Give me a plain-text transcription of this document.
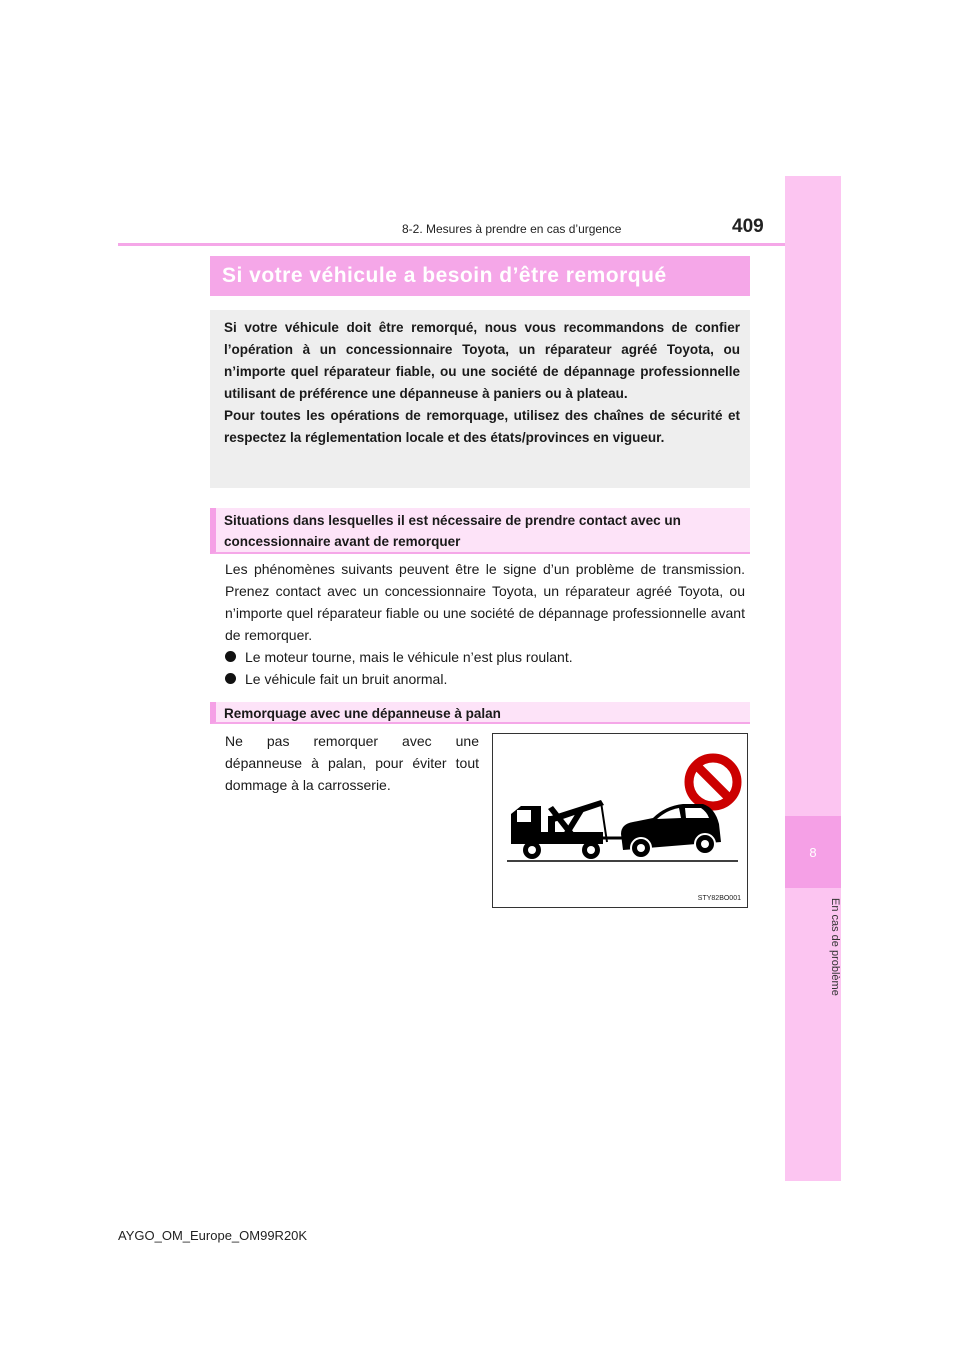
8
En cas de problème
8-2. Mesures à prendre en cas d’urgence	409
Si votre véhicule a besoin d’être remorqué

Si votre véhicule doit être remorqué, nous vous recommandons de confier l’opération à un concessionnaire Toyota, un réparateur agréé Toyota, ou n’importe quel réparateur fiable, ou une société de dépannage professionnelle utilisant de préférence une dépanneuse à paniers ou à plateau.

Pour toutes les opérations de remorquage, utilisez des chaînes de sécurité et respectez la réglementation locale et des états/provinces en vigueur.

Situations dans lesquelles il est nécessaire de prendre contact avec un concessionnaire avant de remorquer

Les phénomènes suivants peuvent être le signe d’un problème de transmission. Prenez contact avec un concessionnaire Toyota, un réparateur agréé Toyota, ou n’importe quel réparateur fiable ou une société de dépannage professionnelle avant de remorquer.

Le moteur tourne, mais le véhicule n’est plus roulant.
Le véhicule fait un bruit anormal.
Remorquage avec une dépanneuse à palan
Ne pas remorquer avec une dépanneuse à palan, pour éviter tout dommage à la carrosserie.
STY82BO001
AYGO_OM_Europe_OM99R20K
